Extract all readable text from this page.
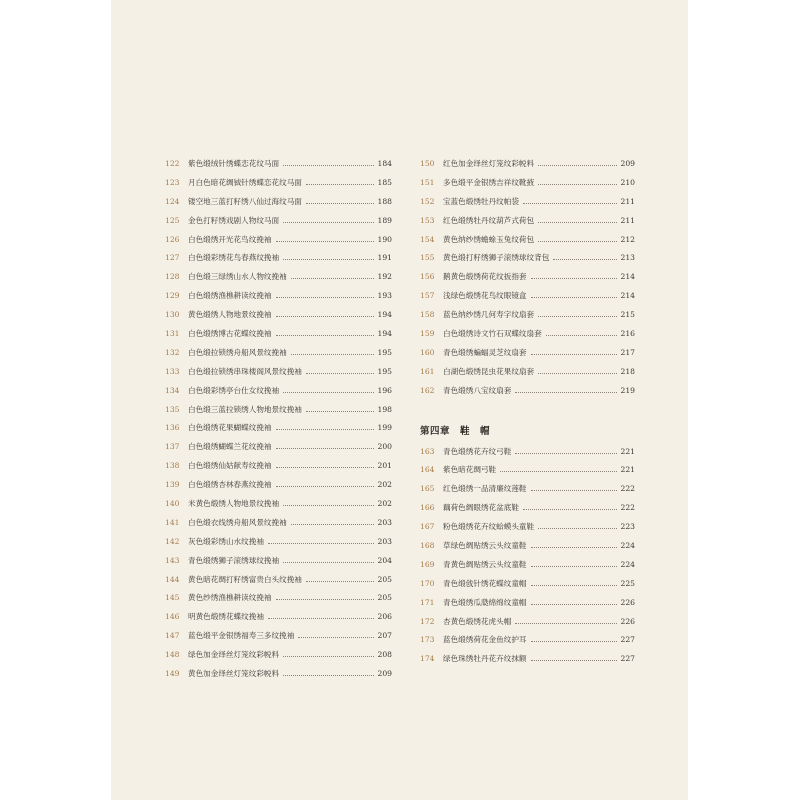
122	紫色缎绒针绣蝶恋花纹马面	184
123	月白色暗花绸钺针绣蝶恋花纹马面	185
124	镂空地三蓝打籽绣八仙过海纹马面	188
125	金色打籽绣戏剧人物纹马面	189
126	白色缎绣开光花鸟纹挽袖	190
127	白色缎彩绣花鸟春燕纹挽袖	191
128	白色缎三绿绣山水人物纹挽袖	192
129	白色缎绣渔樵耕读纹挽袖	193
130	黄色缎绣人物地景纹挽袖	194
131	白色缎绣博古花蝶纹挽袖	194
132	白色缎拉锁绣舟船风景纹挽袖	195
133	白色缎拉锁绣串珠楼阁风景纹挽袖	195
134	白色缎彩绣亭台仕女纹挽袖	196
135	白色缎三蓝拉锁绣人物地景纹挽袖	198
136	白色缎绣花果蝴蝶纹挽袖	199
137	白色缎绣蝴蝶兰花纹挽袖	200
138	白色缎绣仙姑献寿纹挽袖	201
139	白色缎绣杏林春燕纹挽袖	202
140	米黄色缎绣人物地景纹挽袖	202
141	白色缎衣线绣舟船风景纹挽袖	203
142	灰色缎彩绣山水纹挽袖	203
143	青色缎绣狮子滚绣球纹挽袖	204
144	黄色暗花绸打籽绣富贵白头纹挽袖	205
145	黄色纱绣渔樵耕读纹挽袖	205
146	明黄色缎绣花蝶纹挽袖	206
147	蓝色缎平金银绣福寿三多纹挽袖	207
148	绿色加金绎丝灯笼纹彩帨料	208
149	黄色加金绎丝灯笼纹彩帨料	209
150	红色加金绎丝灯笼纹彩帨料	209
151	多色缎平金银绣吉祥纹靴掖	210
152	宝蓝色缎绣牡丹纹帕袋	211
153	红色缎绣牡丹纹葫芦式荷包	211
154	黄色纳纱绣蟾蜍玉兔纹荷包	212
155	黄色缎打籽绣狮子滚绣球纹背包	213
156	鹅黄色缎绣荷花纹扳指套	214
157	浅绿色缎绣花鸟纹眼镜盒	214
158	蓝色纳纱绣几何寿字纹扇套	215
159	白色缎绣诗文竹石双蝶纹扇套	216
160	青色缎绣蝙蝠灵芝纹扇套	217
161	白湖色缎绣昆虫花果纹扇套	218
162	青色缎绣八宝纹扇套	219
第四章　鞋　帽
163	青色缎绣花卉纹弓鞋	221
164	紫色暗花绸弓鞋	221
165	红色缎绣一品清廉纹莲鞋	222
166	藕荷色绸眼绣花盆底鞋	222
167	粉色缎绣花卉纹蛤蟆头童鞋	223
168	草绿色绸贴绣云头纹童鞋	224
169	青黄色绸贴绣云头纹童鞋	224
170	青色缎戗针绣花蝶纹童帽	225
171	青色缎绣瓜瓞绵绵纹童帽	226
172	杏黄色缎绣花虎头帽	226
173	蓝色缎绣荷花金鱼纹护耳	227
174	绿色珠绣牡丹花卉纹抹额	227
